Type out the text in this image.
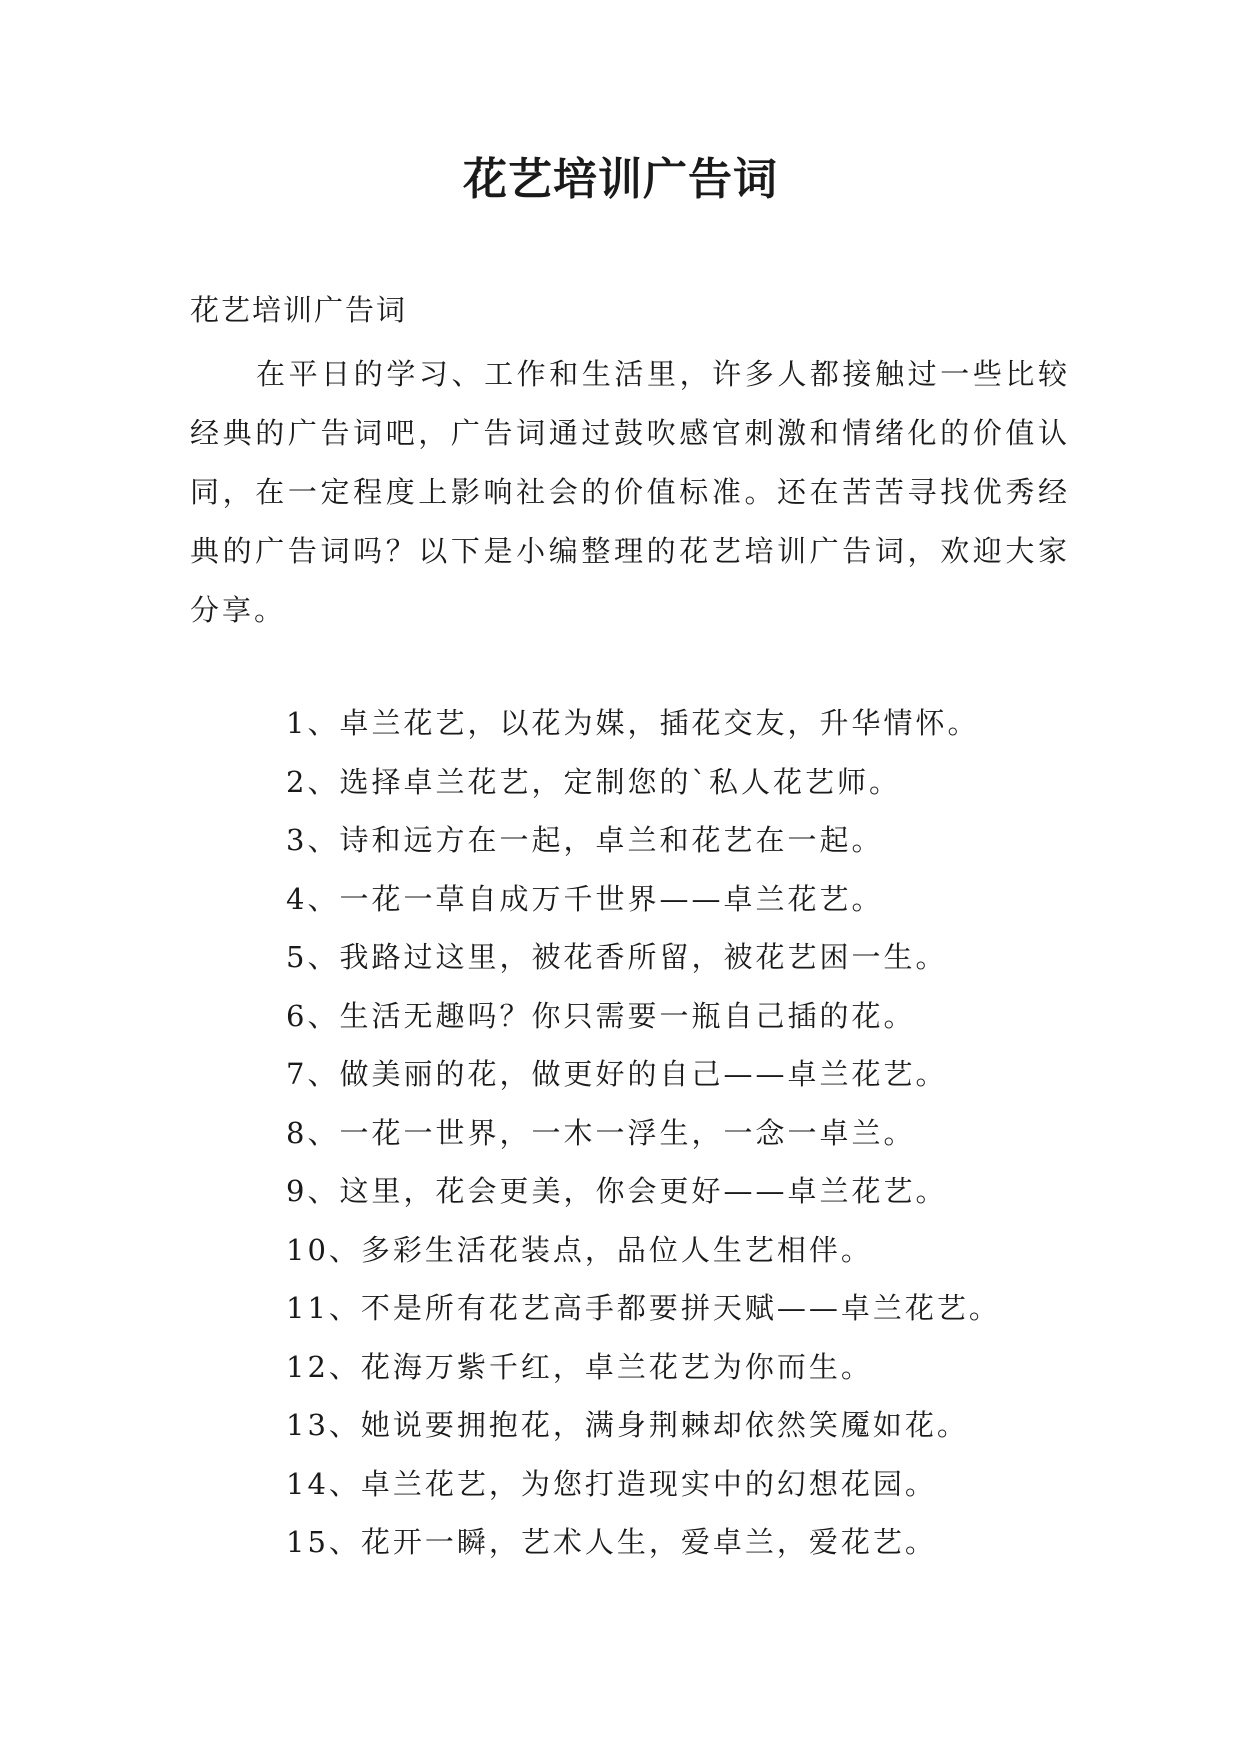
花艺培训广告词
花艺培训广告词

在平日的学习、工作和生活里，许多人都接触过一些比较经典的广告词吧，广告词通过鼓吹感官刺激和情绪化的价值认同，在一定程度上影响社会的价值标准。还在苦苦寻找优秀经典的广告词吗？以下是小编整理的花艺培训广告词，欢迎大家分享。

1、卓兰花艺，以花为媒，插花交友，升华情怀。
2、选择卓兰花艺，定制您的`私人花艺师。
3、诗和远方在一起，卓兰和花艺在一起。
4、一花一草自成万千世界——卓兰花艺。
5、我路过这里，被花香所留，被花艺困一生。
6、生活无趣吗？你只需要一瓶自己插的花。
7、做美丽的花，做更好的自己——卓兰花艺。
8、一花一世界，一木一浮生，一念一卓兰。
9、这里，花会更美，你会更好——卓兰花艺。
10、多彩生活花装点，品位人生艺相伴。
11、不是所有花艺高手都要拼天赋——卓兰花艺。
12、花海万紫千红，卓兰花艺为你而生。
13、她说要拥抱花，满身荆棘却依然笑魇如花。
14、卓兰花艺，为您打造现实中的幻想花园。
15、花开一瞬，艺术人生，爱卓兰，爱花艺。
